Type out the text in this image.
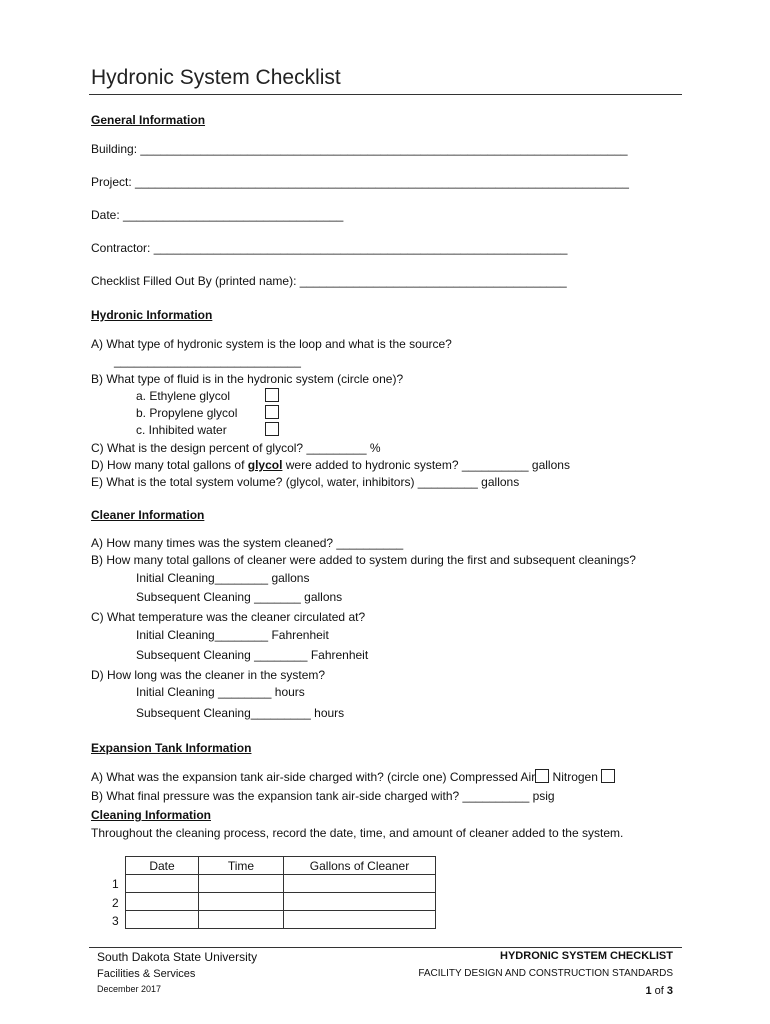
Hydronic System Checklist
General Information
Building: _________________________________________________________________________
Project: __________________________________________________________________________
Date: _________________________________
Contractor: ______________________________________________________________
Checklist Filled Out By (printed name): ________________________________________
Hydronic Information
A) What type of hydronic system is the loop and what is the source?
____________________________
B) What type of fluid is in the hydronic system (circle one)?
a. Ethylene glycol
b. Propylene glycol
c. Inhibited water
C) What is the design percent of glycol? _________ %
D) How many total gallons of glycol were added to hydronic system? __________ gallons
E) What is the total system volume? (glycol, water, inhibitors) _________ gallons
Cleaner Information
A) How many times was the system cleaned? __________
B) How many total gallons of cleaner were added to system during the first and subsequent cleanings?
Initial Cleaning________ gallons
Subsequent Cleaning _______ gallons
C) What temperature was the cleaner circulated at?
Initial Cleaning________ Fahrenheit
Subsequent Cleaning ________ Fahrenheit
D) How long was the cleaner in the system?
Initial Cleaning ________ hours
Subsequent Cleaning_________ hours
Expansion Tank Information
A) What was the expansion tank air-side charged with? (circle one) Compressed Air Nitrogen
B) What final pressure was the expansion tank air-side charged with? __________ psig
Cleaning Information
Throughout the cleaning process, record the date, time, and amount of cleaner added to the system.
Date	Time	Gallons of Cleaner

1
2
3
South Dakota State University
Facilities & Services
December 2017
HYDRONIC SYSTEM CHECKLIST
FACILITY DESIGN AND CONSTRUCTION STANDARDS
1 of 3
